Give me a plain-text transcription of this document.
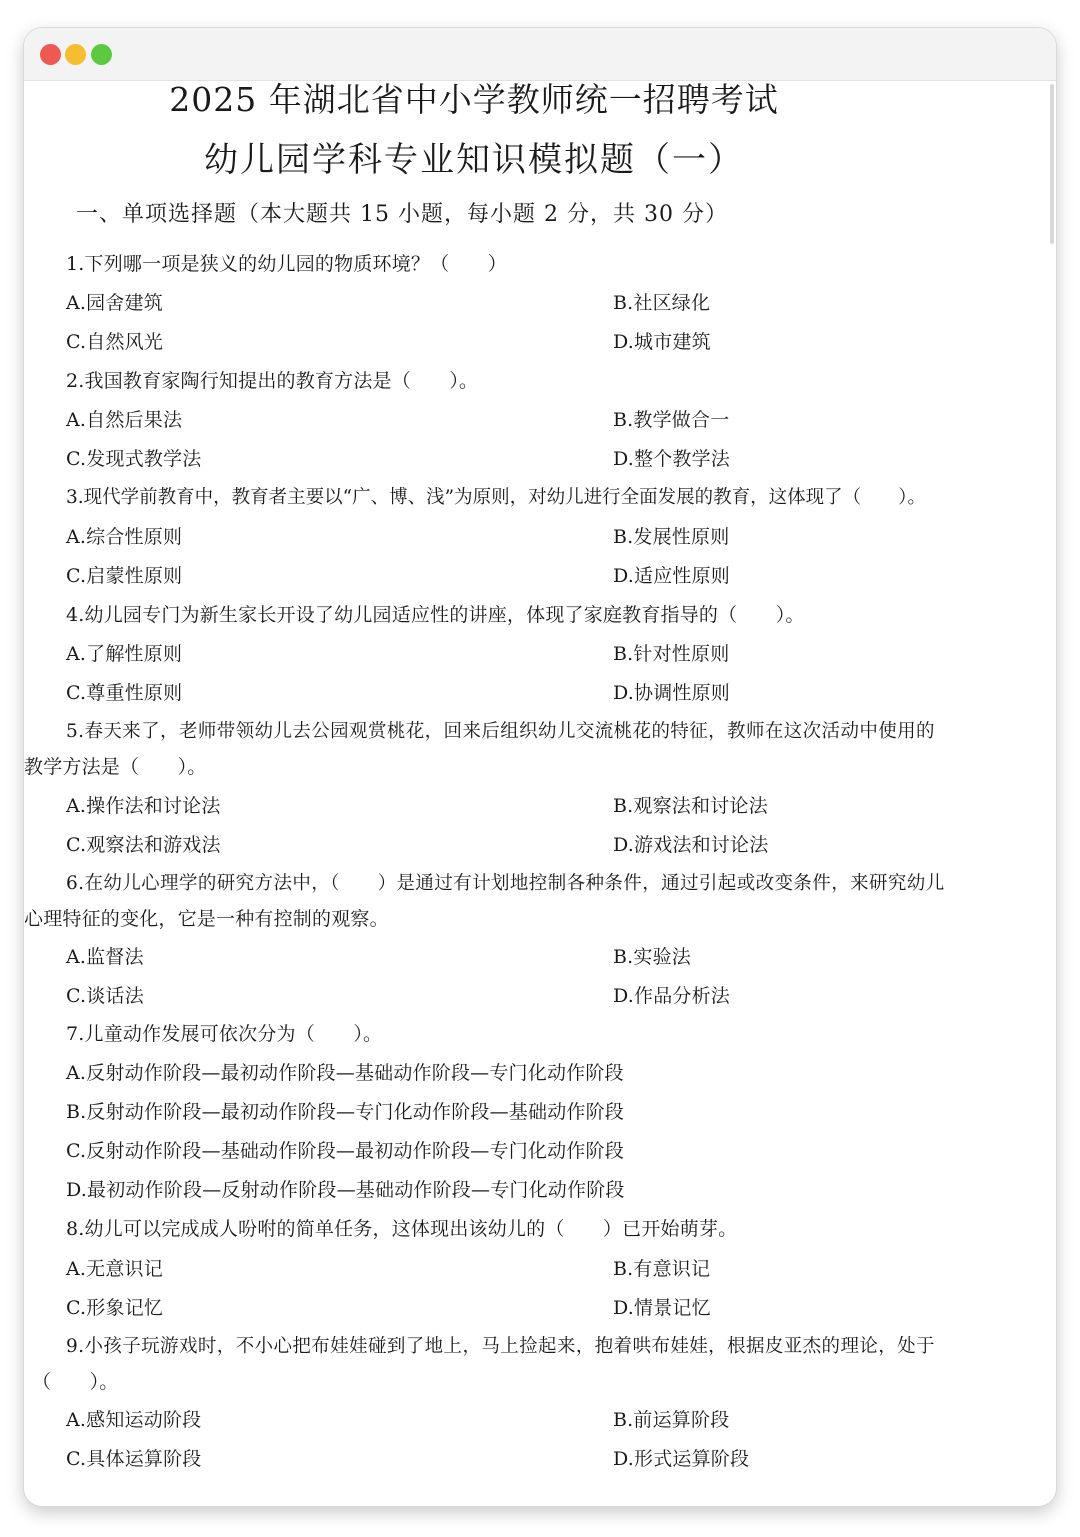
2025 年湖北省中小学教师统一招聘考试
幼儿园学科专业知识模拟题（一）
一、单项选择题（本大题共 15 小题，每小题 2 分，共 30 分）
1.下列哪一项是狭义的幼儿园的物质环境？（　　）
A.园舍建筑	B.社区绿化
C.自然风光	D.城市建筑
2.我国教育家陶行知提出的教育方法是（　　）。
A.自然后果法	B.教学做合一
C.发现式教学法	D.整个教学法
3.现代学前教育中，教育者主要以“广、博、浅”为原则，对幼儿进行全面发展的教育，这体现了（　　）。
A.综合性原则	B.发展性原则
C.启蒙性原则	D.适应性原则
4.幼儿园专门为新生家长开设了幼儿园适应性的讲座，体现了家庭教育指导的（　　）。
A.了解性原则	B.针对性原则
C.尊重性原则	D.协调性原则
5.春天来了，老师带领幼儿去公园观赏桃花，回来后组织幼儿交流桃花的特征，教师在这次活动中使用的
教学方法是（　　）。
A.操作法和讨论法	B.观察法和讨论法
C.观察法和游戏法	D.游戏法和讨论法
6.在幼儿心理学的研究方法中，（　　）是通过有计划地控制各种条件，通过引起或改变条件，来研究幼儿
心理特征的变化，它是一种有控制的观察。
A.监督法	B.实验法
C.谈话法	D.作品分析法
7.儿童动作发展可依次分为（　　）。
A.反射动作阶段—最初动作阶段—基础动作阶段—专门化动作阶段
B.反射动作阶段—最初动作阶段—专门化动作阶段—基础动作阶段
C.反射动作阶段—基础动作阶段—最初动作阶段—专门化动作阶段
D.最初动作阶段—反射动作阶段—基础动作阶段—专门化动作阶段
8.幼儿可以完成成人吩咐的简单任务，这体现出该幼儿的（　　）已开始萌芽。
A.无意识记	B.有意识记
C.形象记忆	D.情景记忆
9.小孩子玩游戏时，不小心把布娃娃碰到了地上，马上捡起来，抱着哄布娃娃，根据皮亚杰的理论，处于
（　　）。
A.感知运动阶段	B.前运算阶段
C.具体运算阶段	D.形式运算阶段
